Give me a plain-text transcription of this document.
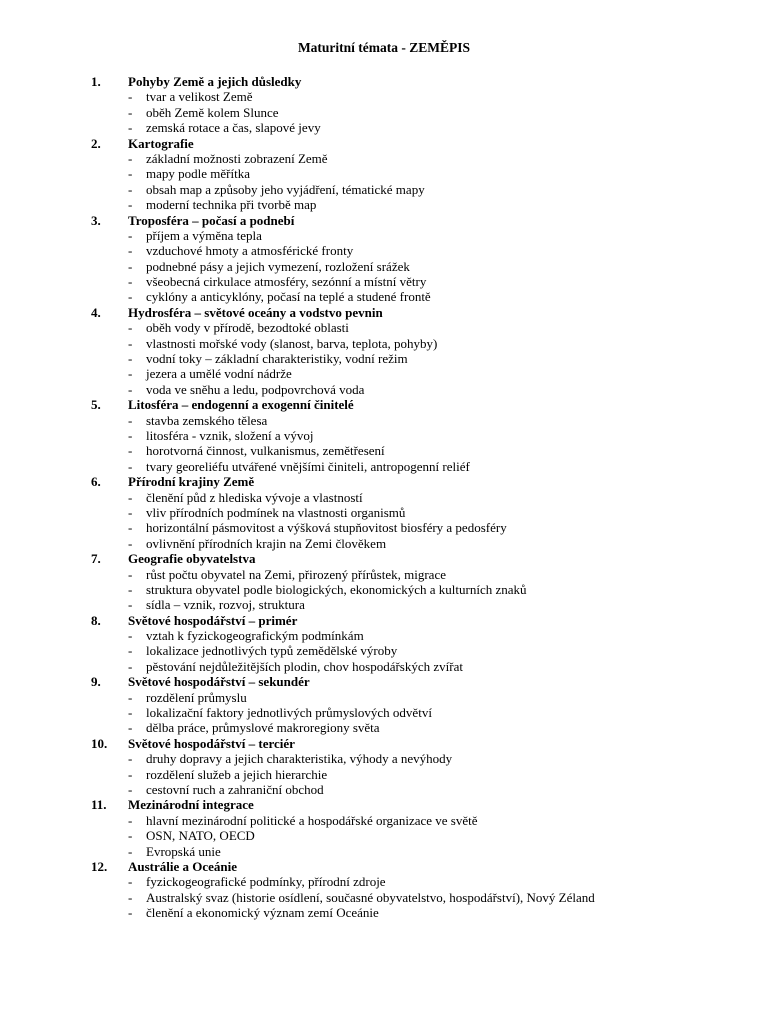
Maturitní témata - ZEMĚPIS
1. Pohyby Země a jejich důsledky
- tvar a velikost Země
- oběh Země kolem Slunce
- zemská rotace a čas, slapové jevy
2. Kartografie
- základní možnosti zobrazení Země
- mapy podle měřítka
- obsah map a způsoby jeho vyjádření, tématické mapy
- moderní technika při tvorbě map
3. Troposféra – počasí a podnebí
- příjem a výměna tepla
- vzduchové hmoty a atmosférické fronty
- podnebné pásy a jejich vymezení, rozložení srážek
- všeobecná cirkulace atmosféry, sezónní a místní větry
- cyklóny a anticyklóny, počasí na teplé a studené frontě
4. Hydrosféra – světové oceány a vodstvo pevnin
- oběh vody v přírodě, bezodtoké oblasti
- vlastnosti mořské vody (slanost, barva, teplota, pohyby)
- vodní toky – základní charakteristiky, vodní režim
- jezera a umělé vodní nádrže
- voda ve sněhu a ledu, podpovrchová voda
5. Litosféra – endogenní a exogenní činitelé
- stavba zemského tělesa
- litosféra - vznik, složení a vývoj
- horotvorná činnost, vulkanismus, zemětřesení
- tvary georeliéfu utvářené vnějšími činiteli, antropogenní reliéf
6. Přírodní krajiny Země
- členění půd z hlediska vývoje a vlastností
- vliv přírodních podmínek na vlastnosti organismů
- horizontální pásmovitost a výšková stupňovitost biosféry a pedosféry
- ovlivnění přírodních krajin na Zemi člověkem
7. Geografie obyvatelstva
- růst počtu obyvatel na Zemi, přirozený přírůstek, migrace
- struktura obyvatel podle biologických, ekonomických a kulturních znaků
- sídla – vznik, rozvoj, struktura
8. Světové hospodářství – primér
- vztah k fyzickogeografickým podmínkám
- lokalizace jednotlivých typů zemědělské výroby
- pěstování nejdůležitějších plodin, chov hospodářských zvířat
9. Světové hospodářství – sekundér
- rozdělení průmyslu
- lokalizační faktory jednotlivých průmyslových odvětví
- dělba práce, průmyslové makroregiony světa
10. Světové hospodářství – terciér
- druhy dopravy a jejich charakteristika, výhody a nevýhody
- rozdělení služeb a jejich hierarchie
- cestovní ruch a zahraniční obchod
11. Mezinárodní integrace
- hlavní mezinárodní politické a hospodářské organizace ve světě
- OSN, NATO, OECD
- Evropská unie
12. Austrálie a Oceánie
- fyzickogeografické podmínky, přírodní zdroje
- Australský svaz (historie osídlení, současné obyvatelstvo, hospodářství), Nový Zéland
- členění a ekonomický význam zemí Oceánie
